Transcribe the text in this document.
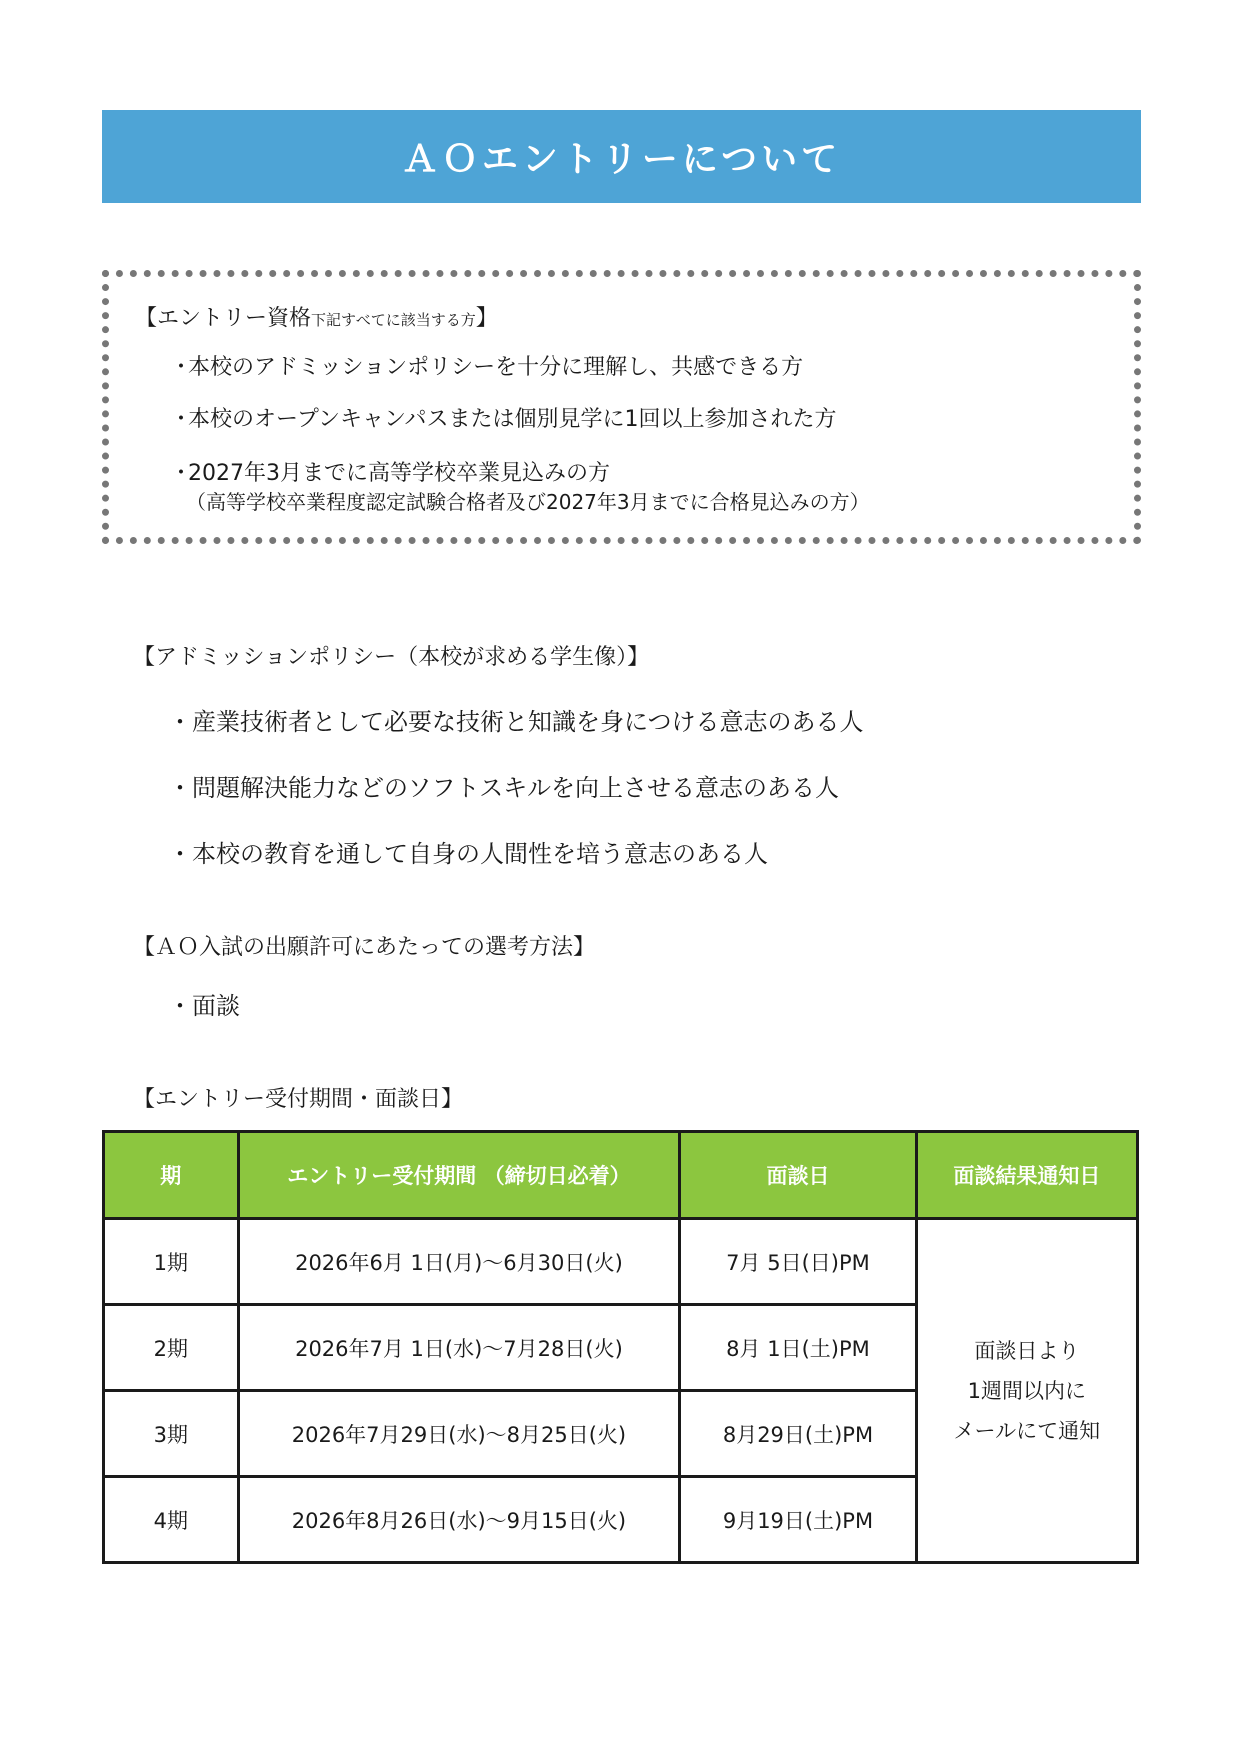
ＡＯエントリーについて
【エントリー資格下記すべてに該当する方】
・本校のアドミッションポリシーを十分に理解し、共感できる方
・本校のオープンキャンパスまたは個別見学に1回以上参加された方
・2027年3月までに高等学校卒業見込みの方
（高等学校卒業程度認定試験合格者及び2027年3月までに合格見込みの方）
【アドミッションポリシー（本校が求める学生像）】
・産業技術者として必要な技術と知識を身につける意志のある人
・問題解決能力などのソフトスキルを向上させる意志のある人
・本校の教育を通して自身の人間性を培う意志のある人
【ＡＯ入試の出願許可にあたっての選考方法】
・面談
【エントリー受付期間・面談日】
期	エントリー受付期間 （締切日必着）	面談日	面談結果通知日
1期	2026年6月 1日(月)～6月30日(火)	7月 5日(日)PM	面談日より
1週間以内に
メールにて通知

2期	2026年7月 1日(水)～7月28日(火)	8月 1日(土)PM	
3期	2026年7月29日(水)～8月25日(火)	8月29日(土)PM	
4期	2026年8月26日(水)～9月15日(火)	9月19日(土)PM	
